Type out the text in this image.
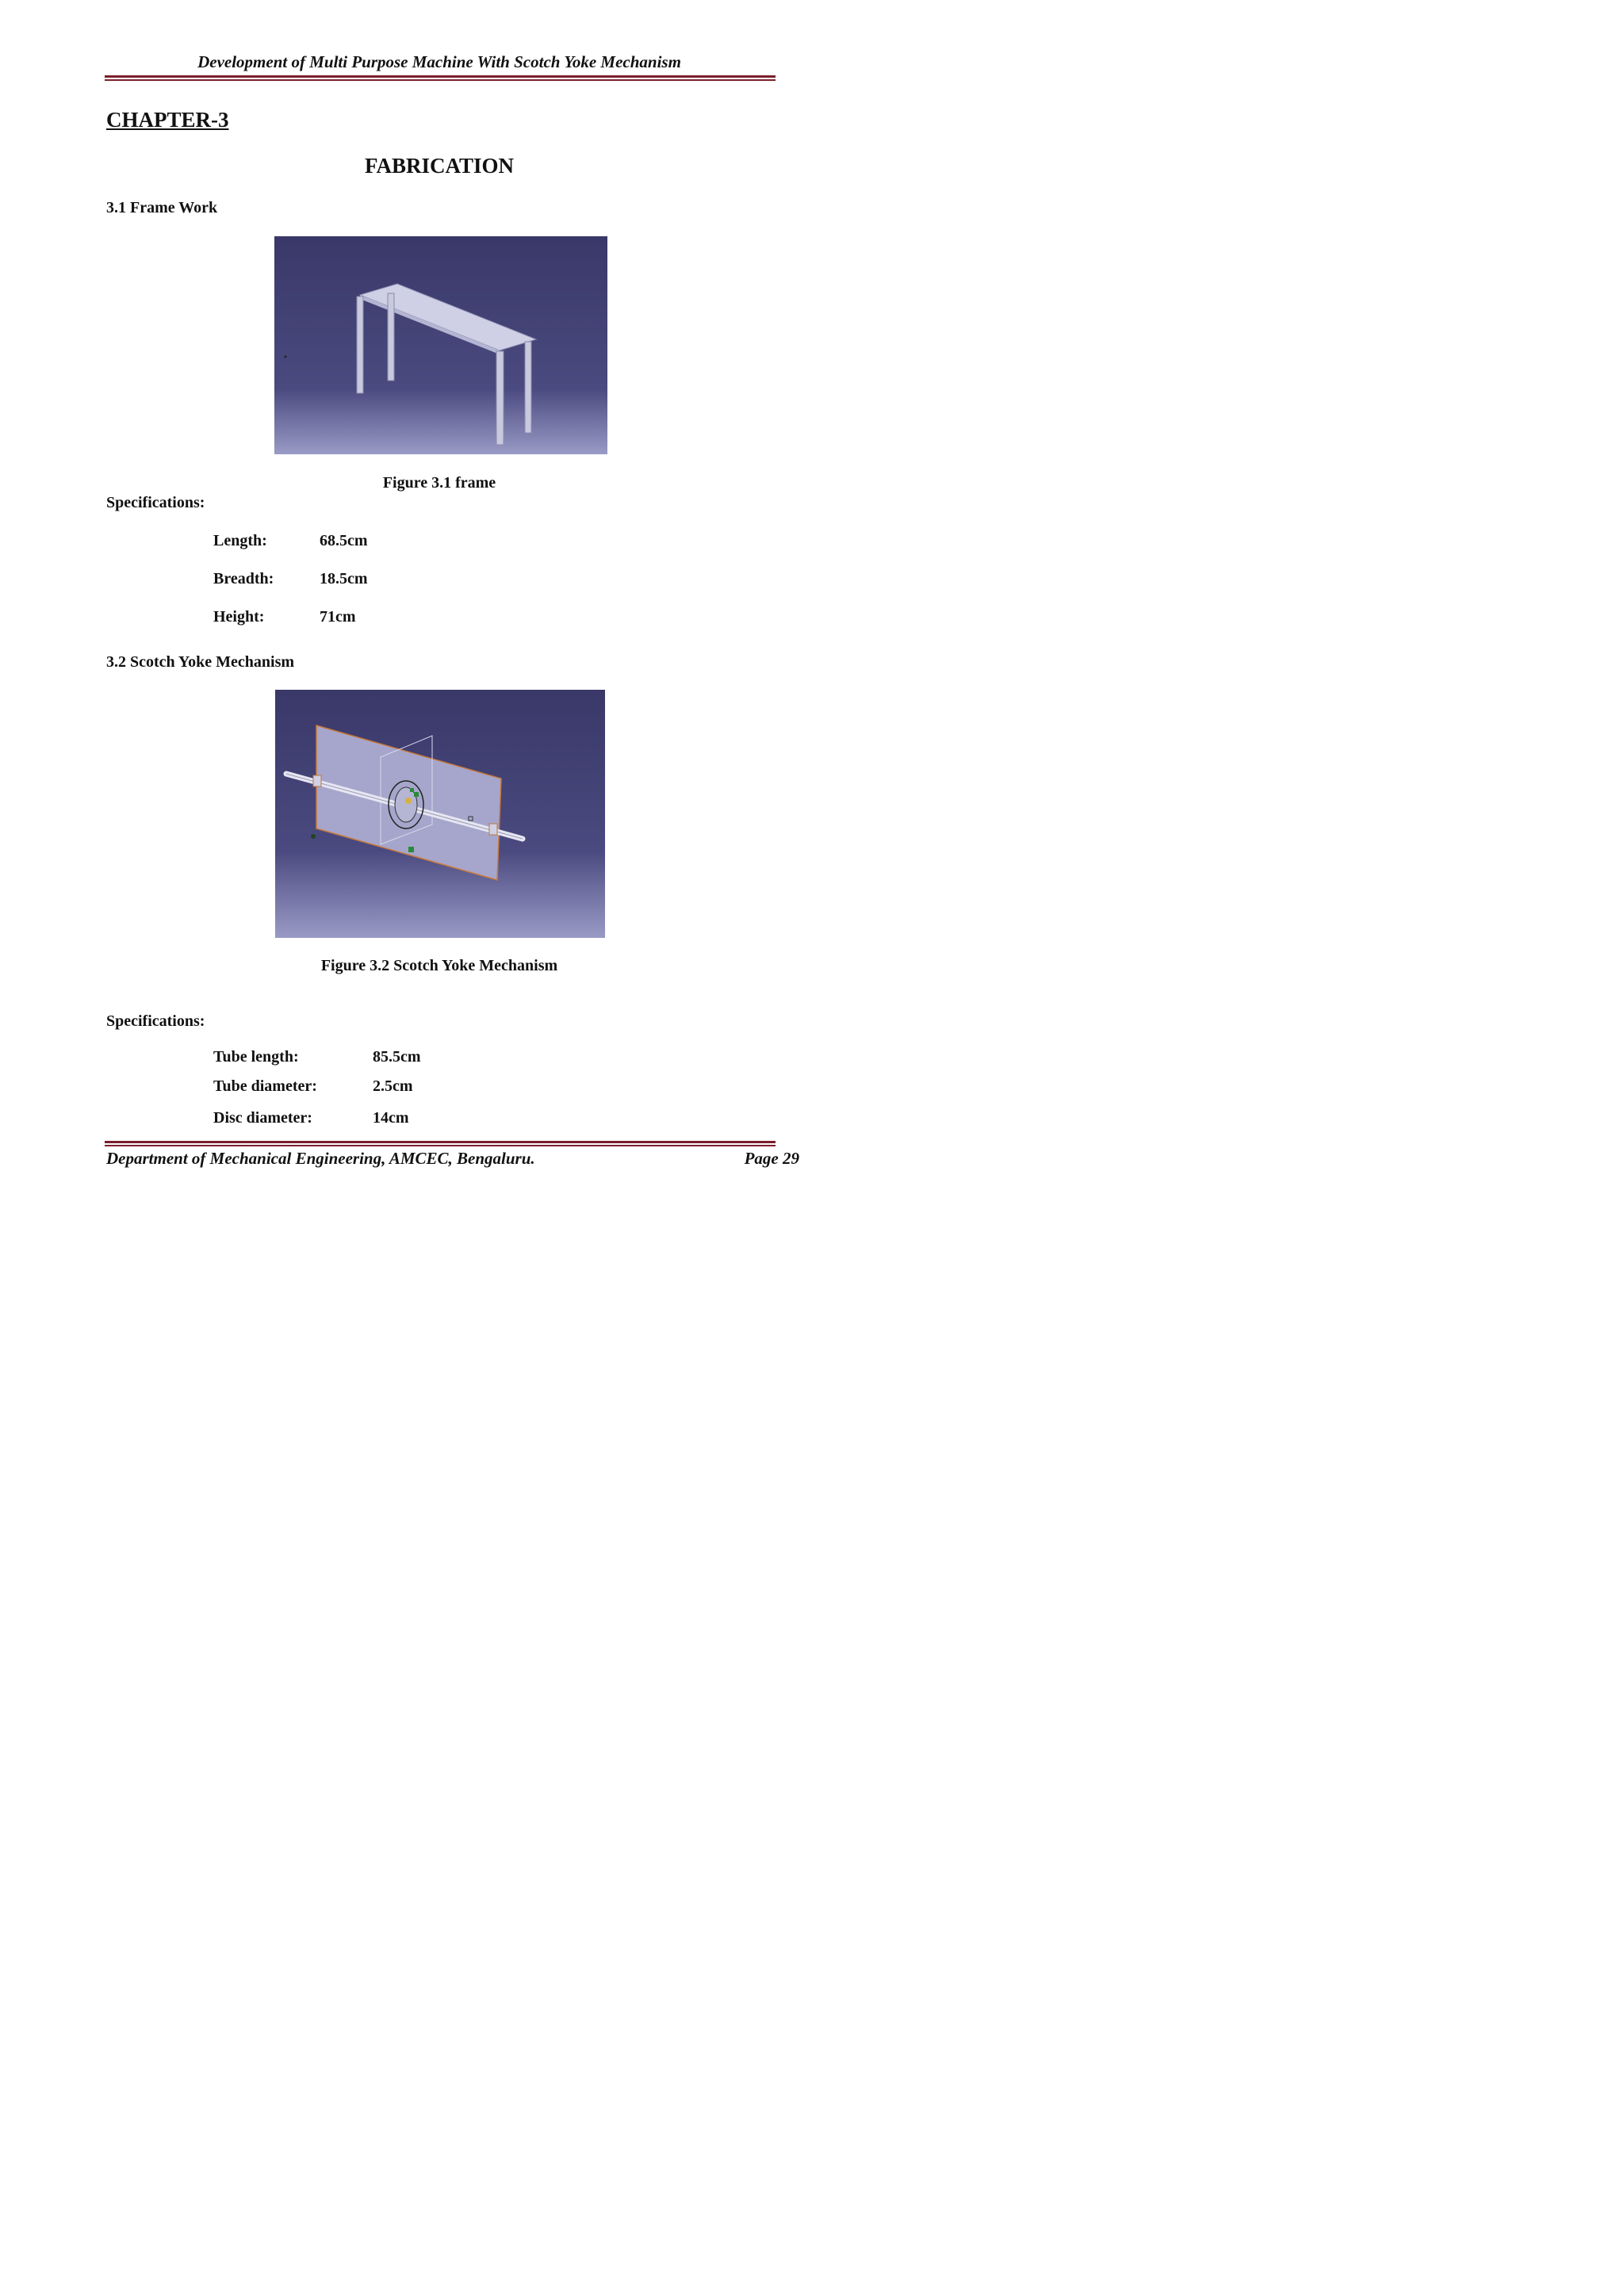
Development of Multi Purpose Machine With Scotch Yoke Mechanism
CHAPTER-3
FABRICATION
3.1 Frame Work
Figure 3.1 frame
Specifications:
Length:	68.5cm
Breadth:	18.5cm
Height:	71cm
3.2 Scotch Yoke Mechanism
Figure 3.2 Scotch Yoke Mechanism
Specifications:
Tube length:	85.5cm
Tube diameter:	2.5cm
Disc diameter:	14cm
Department of Mechanical Engineering, AMCEC, Bengaluru.	Page 29
